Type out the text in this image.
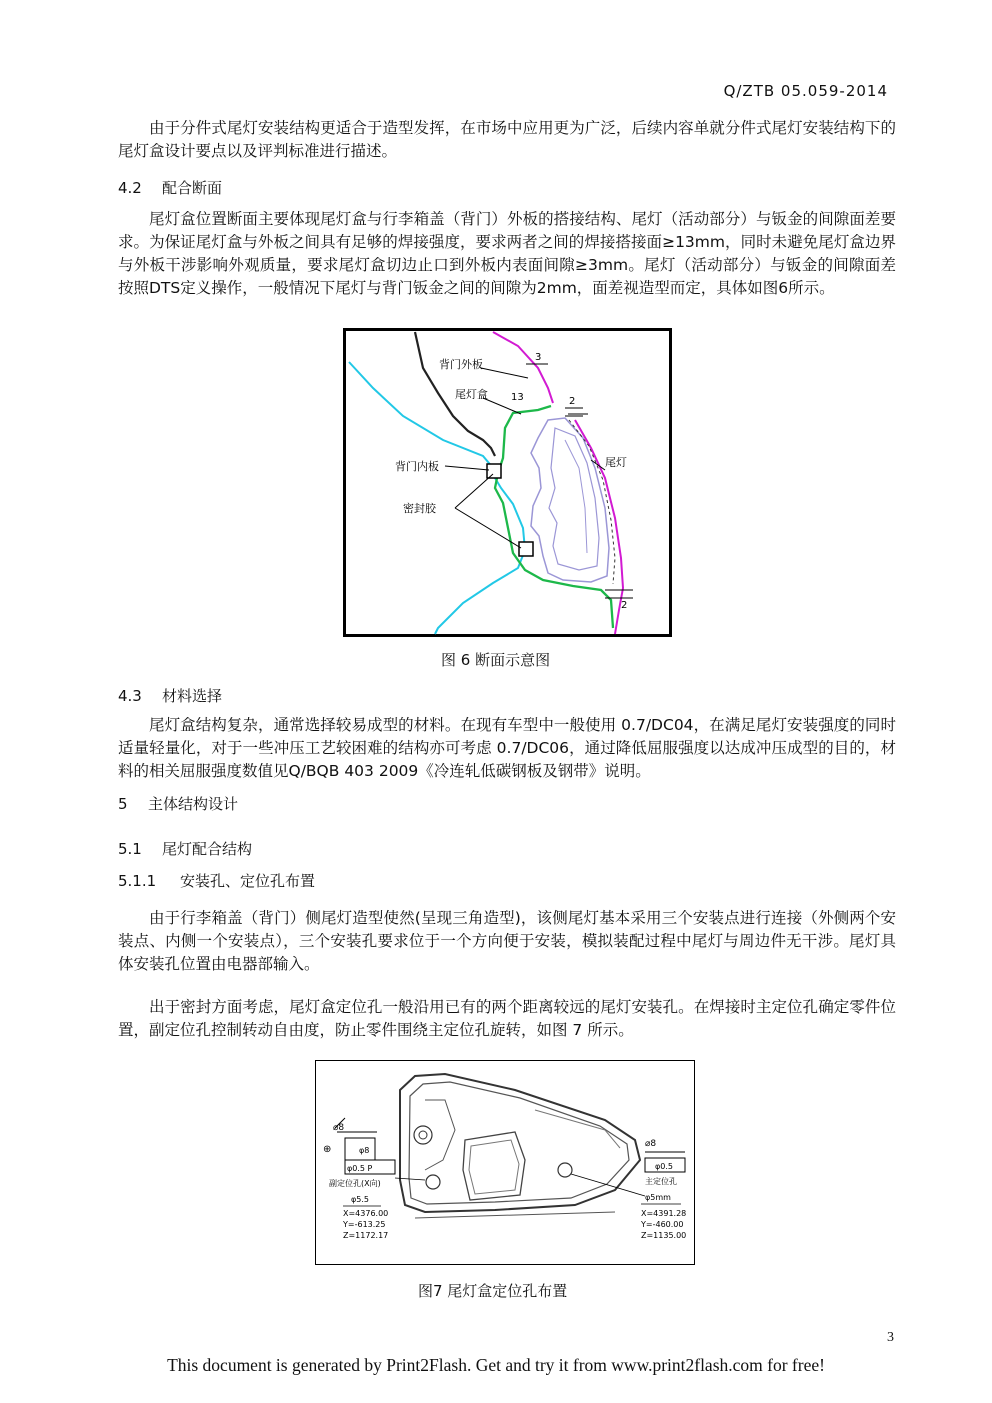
Q/ZTB 05.059-2014
由于分件式尾灯安装结构更适合于造型发挥，在市场中应用更为广泛，后续内容单就分件式尾灯安装结构下的尾灯盒设计要点以及评判标准进行描述。
4.2 配合断面
尾灯盒位置断面主要体现尾灯盒与行李箱盖（背门）外板的搭接结构、尾灯（活动部分）与钣金的间隙面差要求。为保证尾灯盒与外板之间具有足够的焊接强度，要求两者之间的焊接搭接面≥13mm，同时未避免尾灯盒边界与外板干涉影响外观质量，要求尾灯盒切边止口到外板内表面间隙≥3mm。尾灯（活动部分）与钣金的间隙面差按照DTS定义操作，一般情况下尾灯与背门钣金之间的间隙为2mm，面差视造型而定，具体如图6所示。
背门外板
尾灯盒
背门内板
密封胶
尾灯
3
2
13
2
图 6 断面示意图
4.3 材料选择
尾灯盒结构复杂，通常选择较易成型的材料。在现有车型中一般使用 0.7/DC04，在满足尾灯安装强度的同时适量轻量化，对于一些冲压工艺较困难的结构亦可考虑 0.7/DC06，通过降低屈服强度以达成冲压成型的目的，材料的相关屈服强度数值见Q/BQB 403 2009《冷连轧低碳钢板及钢带》说明。
5 主体结构设计
5.1 尾灯配合结构
5.1.1 安装孔、定位孔布置
由于行李箱盖（背门）侧尾灯造型使然(呈现三角造型)，该侧尾灯基本采用三个安装点进行连接（外侧两个安装点、内侧一个安装点），三个安装孔要求位于一个方向便于安装，模拟装配过程中尾灯与周边件无干涉。尾灯具体安装孔位置由电器部输入。
出于密封方面考虑，尾灯盒定位孔一般沿用已有的两个距离较远的尾灯安装孔。在焊接时主定位孔确定零件位置，副定位孔控制转动自由度，防止零件围绕主定位孔旋转，如图 7 所示。
⌀8
⊕	φ8
φ0.5 P
副定位孔(X向)
φ5.5
X=4376.00
Y=-613.25
Z=1172.17
⌀8
φ0.5
主定位孔
φ5mm
X=4391.28
Y=-460.00
Z=1135.00
图7 尾灯盒定位孔布置
3
This document is generated by Print2Flash. Get and try it from www.print2flash.com for free!
